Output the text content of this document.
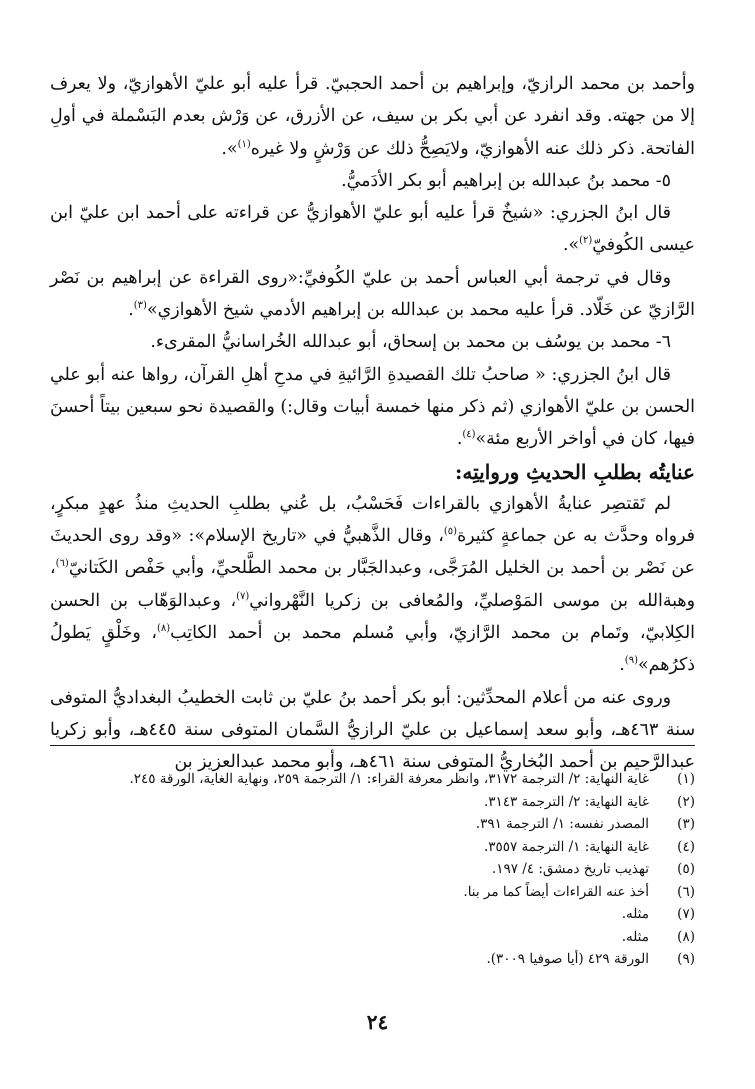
وأحمد بن محمد الرازيّ، وإبراهيم بن أحمد الحجبيّ. قرأ عليه أبو عليّ الأهوازيّ، ولا يعرف إلا من جهته. وقد انفرد عن أبي بكر بن سيف، عن الأزرق، عن وَرْش بعدم البَسْملة في أولِ الفاتحة. ذكر ذلك عنه الأهوازيّ، ولايَصِحُّ ذلك عن وَرْشٍ ولا غيره$^{(١)}$».

٥- محمد بنُ عبدالله بن إبراهيم أبو بكر الأدَميُّ.

قال ابنُ الجزري: «شيخٌ قرأ عليه أبو عليّ الأهوازيُّ عن قراءته على أحمد ابن عليّ ابن عيسى الكُوفيّ$^{(٢)}$».

وقال في ترجمة أبي العباس أحمد بن عليّ الكُوفيِّ:«روى القراءة عن إبراهيم بن نَصْر الرَّازيّ عن خَلّاد. قرأ عليه محمد بن عبدالله بن إبراهيم الأدمي شيخ الأهوازي»$^{(٣)}$.

٦- محمد بن يوسُف بن محمد بن إسحاق، أبو عبدالله الخُراسانيُّ المقرىء.

قال ابنُ الجزري: « صاحبُ تلك القصيدةِ الرَّائيةِ في مدحِ أهلِ القرآن، رواها عنه أبو علي الحسن بن عليّ الأهوازي (ثم ذكر منها خمسة أبيات وقال:) والقصيدة نحو سبعين بيتاً أحسنَ فيها، كان في أواخر الأربع مئة»$^{(٤)}$.

عنايتُه بطلبِ الحديثِ وروايتِه:

لم تَقتصِر عنايةُ الأهوازي بالقراءات فَحَسْبُ، بل عُني بطلبِ الحديثِ منذُ عهدٍ مبكرٍ، فرواه وحدَّث به عن جماعةٍ كثيرة$^{(٥)}$، وقال الذَّهبيُّ في «تاريخ الإسلام»: «وقد روى الحديثَ عن نَصْر بن أحمد بن الخليل المُرَجَّى، وعبدالجَبَّار بن محمد الطَّلحيِّ، وأبي حَفْص الكَتانيّ$^{(٦)}$، وهبةالله بن موسى المَوْصليِّ، والمُعافى بن زكريا النَّهْرواني$^{(٧)}$، وعبدالوَهّاب بن الحسن الكِلابيّ، وتَمام بن محمد الرَّازيّ، وأبي مُسلم محمد بن أحمد الكاتِب$^{(٨)}$، وخَلْقٍ يَطولُ ذكرُهم»$^{(٩)}$.

وروى عنه من أعلام المحدِّثين: أبو بكر أحمد بنُ عليّ بن ثابت الخطيبُ البغداديُّ المتوفى سنة ٤٦٣هـ، وأبو سعد إسماعيل بن عليّ الرازيُّ السَّمان المتوفى سنة ٤٤٥هـ، وأبو زكريا عبدالرَّحيم بن أحمد البُخاريُّ المتوفى سنة ٤٦١هـ، وأبو محمد عبدالعزيز بن

(١)
غاية النهاية: ٢/ الترجمة ٣١٧٢، وانظر معرفة القراء: ١/ الترجمة ٢٥٩، ونهاية الغاية، الورقة ٢٤٥.
(٢)
غاية النهاية: ٢/ الترجمة ٣١٤٣.
(٣)
المصدر نفسه: ١/ الترجمة ٣٩١.
(٤)
غاية النهاية: ١/ الترجمة ٣٥٥٧.
(٥)
تهذيب تاريخ دمشق: ٤/ ١٩٧.
(٦)
أخذ عنه القراءات أيضاً كما مر بنا.
(٧)
مثله.
(٨)
مثله.
(٩)
الورقة ٤٢٩ (أيا صوفيا ٣٠٠٩).
٢٤
